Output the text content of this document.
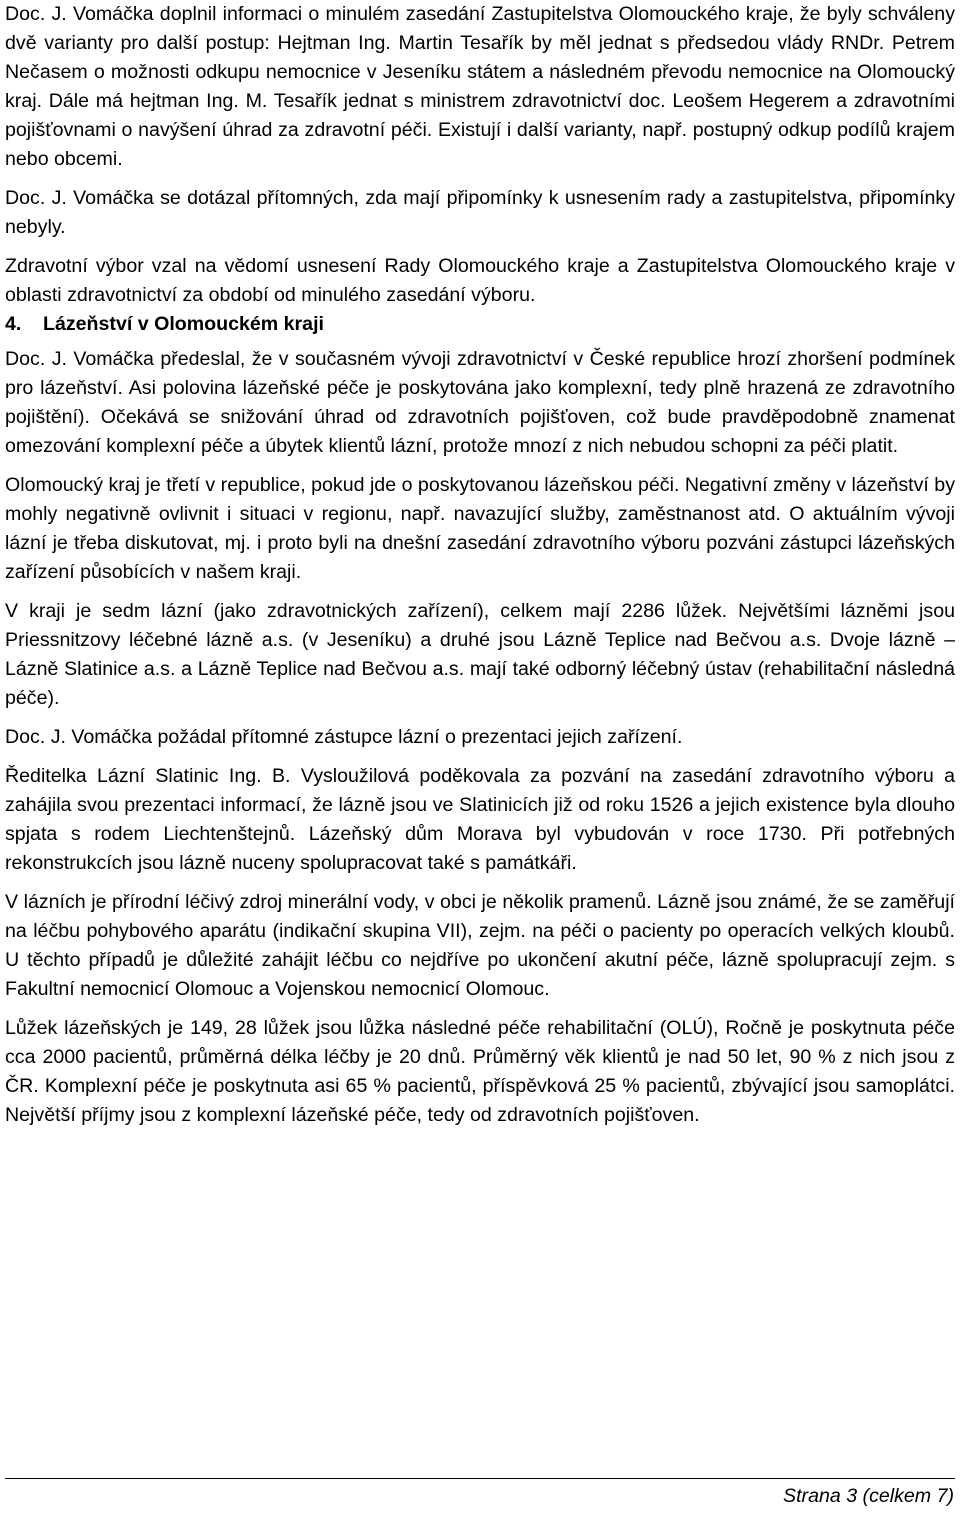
Doc. J. Vomáčka doplnil informaci o minulém zasedání Zastupitelstva Olomouckého kraje, že byly schváleny dvě varianty pro další postup: Hejtman Ing. Martin Tesařík by měl jednat s předsedou vlády RNDr. Petrem Nečasem o možnosti odkupu nemocnice v Jeseníku státem a následném převodu nemocnice na Olomoucký kraj. Dále má hejtman Ing. M. Tesařík jednat s ministrem zdravotnictví doc. Leošem Hegerem a zdravotními pojišťovnami o navýšení úhrad za zdravotní péči. Existují i další varianty, např. postupný odkup podílů krajem nebo obcemi.

Doc. J. Vomáčka se dotázal přítomných, zda mají připomínky k usnesením rady a zastupitelstva, připomínky nebyly.

Zdravotní výbor vzal na vědomí usnesení Rady Olomouckého kraje a Zastupitelstva Olomouckého kraje v oblasti zdravotnictví za období od minulého zasedání výboru.

4. Lázeňství v Olomouckém kraji

Doc. J. Vomáčka předeslal, že v současném vývoji zdravotnictví v České republice hrozí zhoršení podmínek pro lázeňství. Asi polovina lázeňské péče je poskytována jako komplexní, tedy plně hrazená ze zdravotního pojištění). Očekává se snižování úhrad od zdravotních pojišťoven, což bude pravděpodobně znamenat omezování komplexní péče a úbytek klientů lázní, protože mnozí z nich nebudou schopni za péči platit.

Olomoucký kraj je třetí v republice, pokud jde o poskytovanou lázeňskou péči. Negativní změny v lázeňství by mohly negativně ovlivnit i situaci v regionu, např. navazující služby, zaměstnanost atd. O aktuálním vývoji lázní je třeba diskutovat, mj. i proto byli na dnešní zasedání zdravotního výboru pozváni zástupci lázeňských zařízení působících v našem kraji.

V kraji je sedm lázní (jako zdravotnických zařízení), celkem mají 2286 lůžek. Největšími lázněmi jsou Priessnitzovy léčebné lázně a.s. (v Jeseníku) a druhé jsou Lázně Teplice nad Bečvou a.s. Dvoje lázně – Lázně Slatinice a.s. a Lázně Teplice nad Bečvou a.s. mají také odborný léčebný ústav (rehabilitační následná péče).

Doc. J. Vomáčka požádal přítomné zástupce lázní o prezentaci jejich zařízení.

Ředitelka Lázní Slatinic Ing. B. Vysloužilová poděkovala za pozvání na zasedání zdravotního výboru a zahájila svou prezentaci informací, že lázně jsou ve Slatinicích již od roku 1526 a jejich existence byla dlouho spjata s rodem Liechtenštejnů. Lázeňský dům Morava byl vybudován v roce 1730. Při potřebných rekonstrukcích jsou lázně nuceny spolupracovat také s památkáři.

V lázních je přírodní léčivý zdroj minerální vody, v obci je několik pramenů. Lázně jsou známé, že se zaměřují na léčbu pohybového aparátu (indikační skupina VII), zejm. na péči o pacienty po operacích velkých kloubů. U těchto případů je důležité zahájit léčbu co nejdříve po ukončení akutní péče, lázně spolupracují zejm. s Fakultní nemocnicí Olomouc a Vojenskou nemocnicí Olomouc.

Lůžek lázeňských je 149, 28 lůžek jsou lůžka následné péče rehabilitační (OLÚ), Ročně je poskytnuta péče cca 2000 pacientů, průměrná délka léčby je 20 dnů. Průměrný věk klientů je nad 50 let, 90 % z nich jsou z ČR. Komplexní péče je poskytnuta asi 65 % pacientů, příspěvková 25 % pacientů, zbývající jsou samoplátci. Největší příjmy jsou z komplexní lázeňské péče, tedy od zdravotních pojišťoven.

Strana 3 (celkem 7)
